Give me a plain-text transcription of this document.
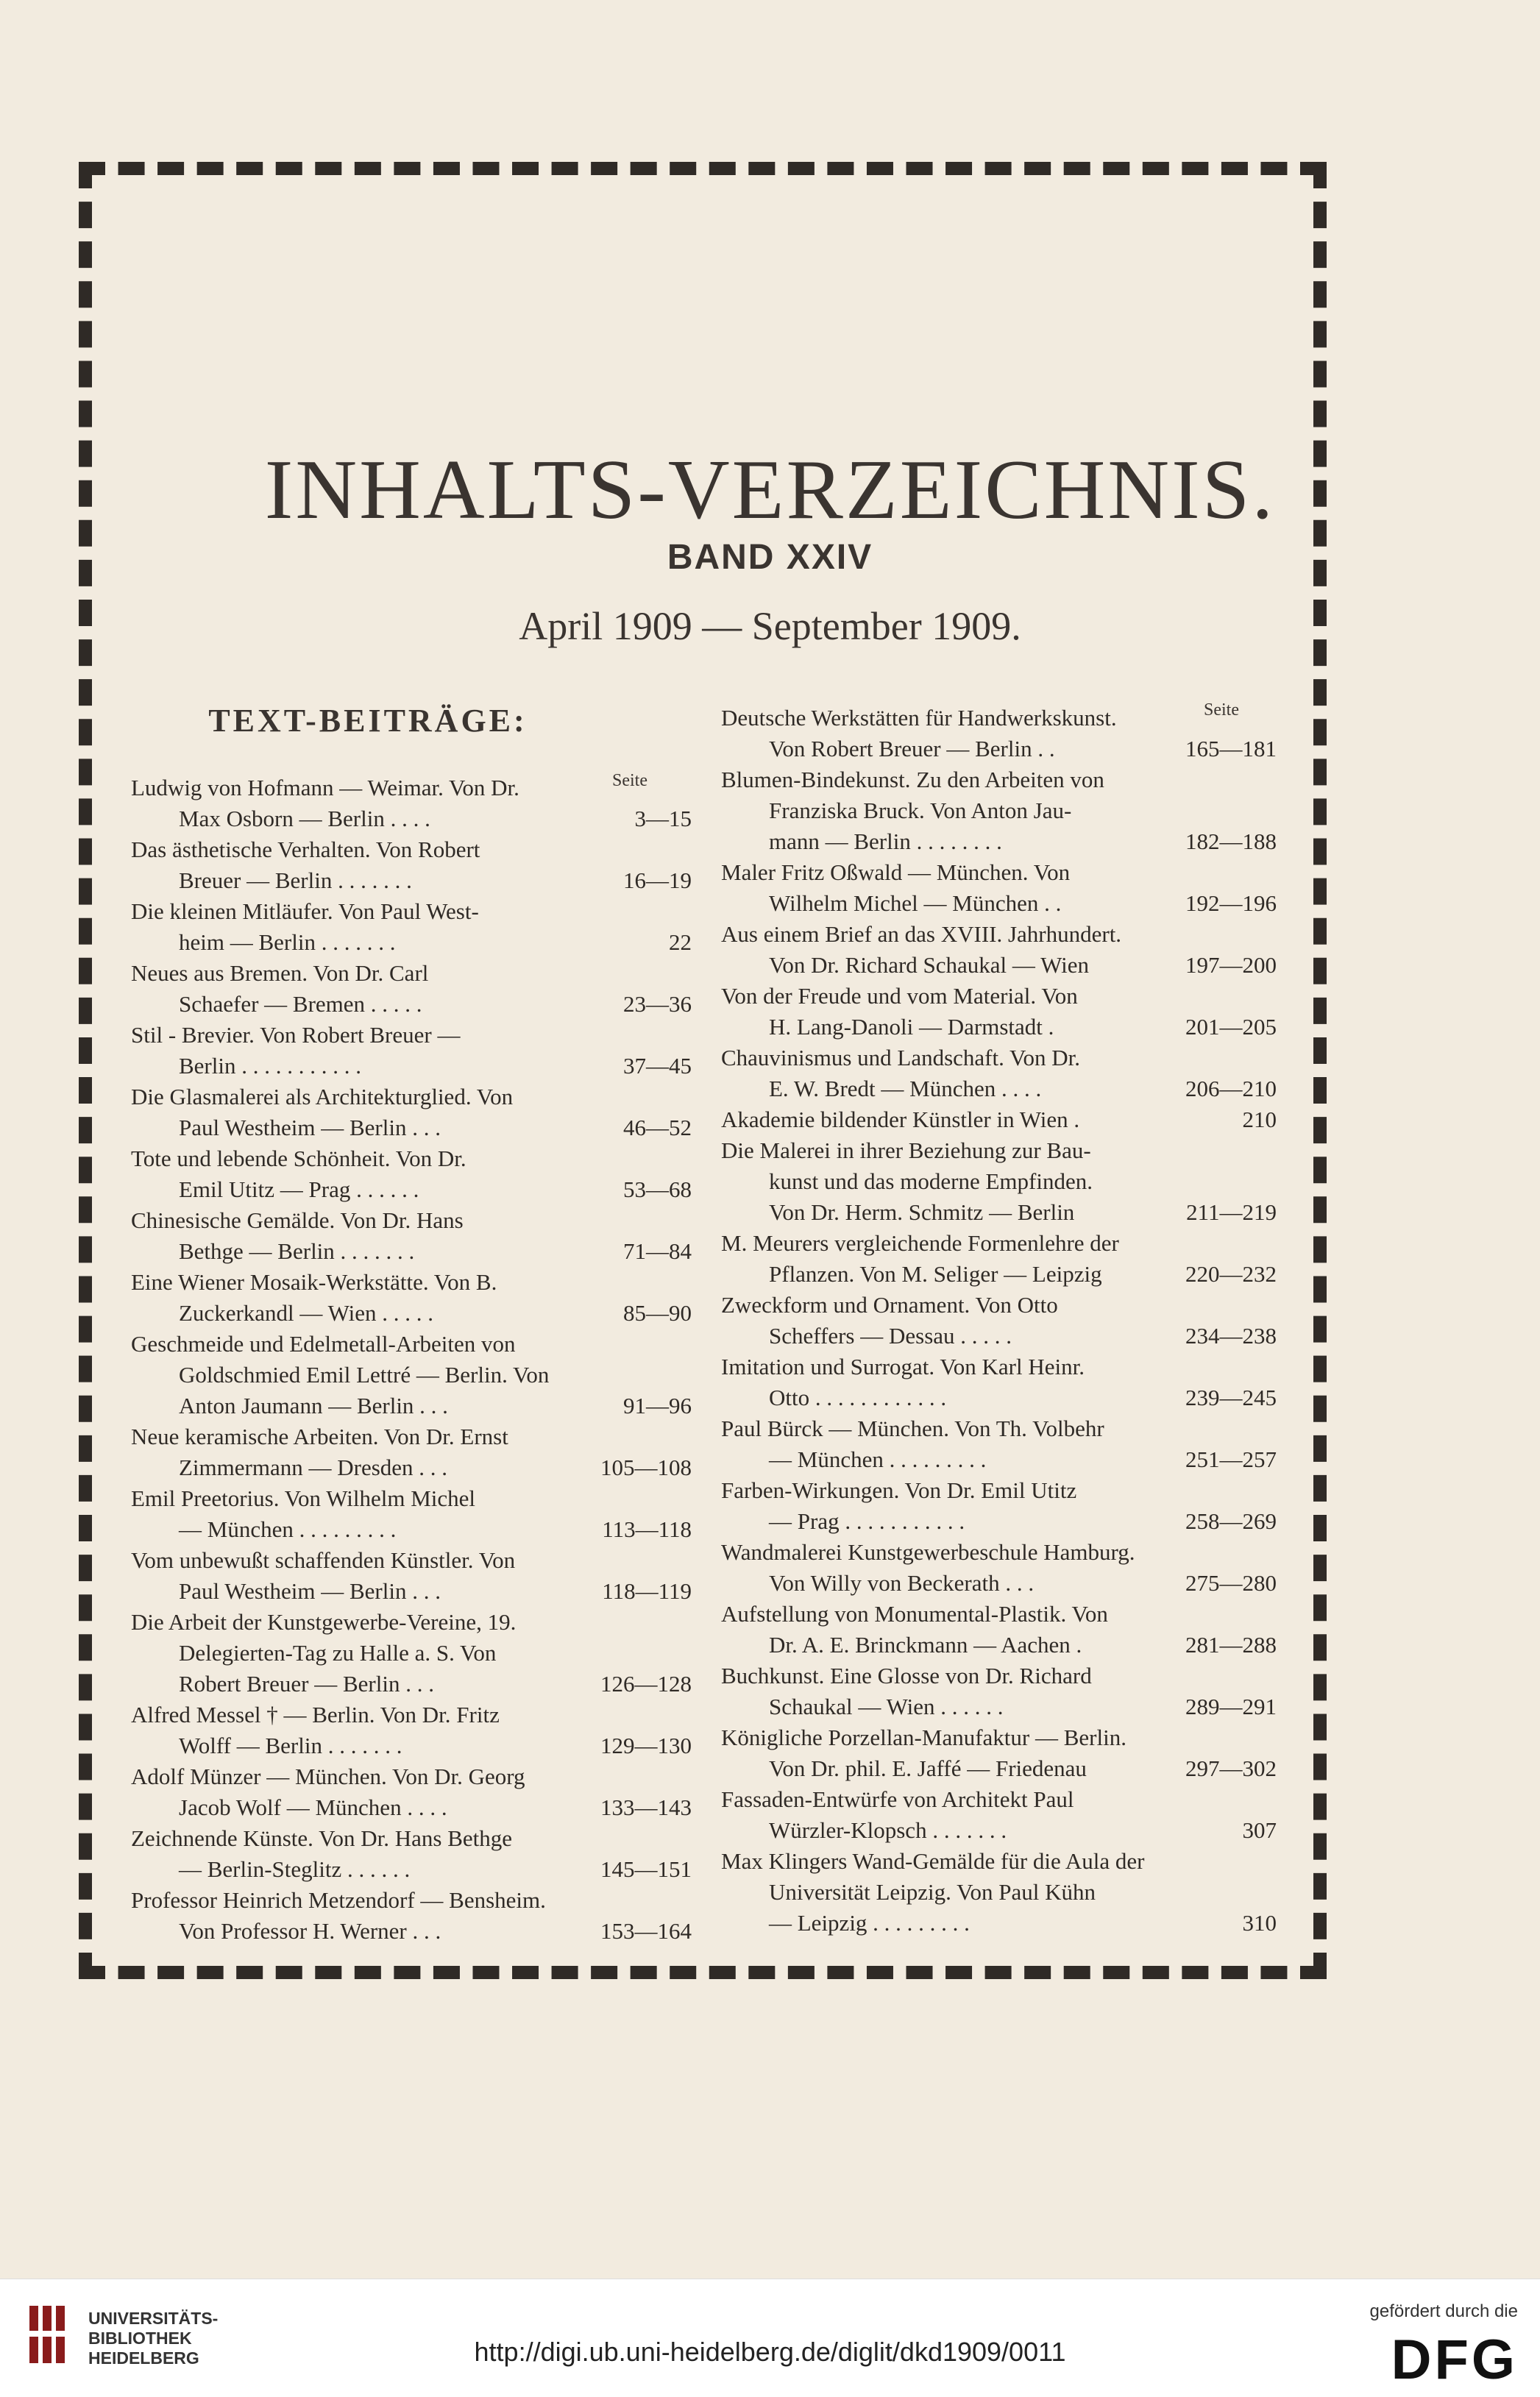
INHALTS-VERZEICHNIS.
BAND XXIV
April 1909 — September 1909.
TEXT-BEITRÄGE:
Seite
Seite
Ludwig von Hofmann — Weimar. Von Dr.
Max Osborn — Berlin . . . .	3—15
Das ästhetische Verhalten. Von Robert
Breuer — Berlin . . . . . . .	16—19
Die kleinen Mitläufer. Von Paul West-
heim — Berlin . . . . . . .	22
Neues aus Bremen. Von Dr. Carl
Schaefer — Bremen . . . . .	23—36
Stil - Brevier. Von Robert Breuer —
Berlin . . . . . . . . . . .	37—45
Die Glasmalerei als Architekturglied. Von
Paul Westheim — Berlin . . .	46—52
Tote und lebende Schönheit. Von Dr.
Emil Utitz — Prag . . . . . .	53—68
Chinesische Gemälde. Von Dr. Hans
Bethge — Berlin . . . . . . .	71—84
Eine Wiener Mosaik-Werkstätte. Von B.
Zuckerkandl — Wien . . . . .	85—90
Geschmeide und Edelmetall-Arbeiten von
Goldschmied Emil Lettré — Berlin. Von
Anton Jaumann — Berlin . . .	91—96
Neue keramische Arbeiten. Von Dr. Ernst
Zimmermann — Dresden . . .	105—108
Emil Preetorius. Von Wilhelm Michel
— München . . . . . . . . .	113—118
Vom unbewußt schaffenden Künstler. Von
Paul Westheim — Berlin . . .	118—119
Die Arbeit der Kunstgewerbe-Vereine, 19.
Delegierten-Tag zu Halle a. S. Von
Robert Breuer — Berlin . . .	126—128
Alfred Messel † — Berlin. Von Dr. Fritz
Wolff — Berlin . . . . . . .	129—130
Adolf Münzer — München. Von Dr. Georg
Jacob Wolf — München . . . .	133—143
Zeichnende Künste. Von Dr. Hans Bethge
— Berlin-Steglitz . . . . . .	145—151
Professor Heinrich Metzendorf — Bensheim.
Von Professor H. Werner . . .	153—164
Deutsche Werkstätten für Handwerkskunst.
Von Robert Breuer — Berlin . .	165—181
Blumen-Bindekunst. Zu den Arbeiten von
Franziska Bruck. Von Anton Jau-
mann — Berlin . . . . . . . .	182—188
Maler Fritz Oßwald — München. Von
Wilhelm Michel — München . .	192—196
Aus einem Brief an das XVIII. Jahrhundert.
Von Dr. Richard Schaukal — Wien	197—200
Von der Freude und vom Material. Von
H. Lang-Danoli — Darmstadt .	201—205
Chauvinismus und Landschaft. Von Dr.
E. W. Bredt — München . . . .	206—210
Akademie bildender Künstler in Wien .	210
Die Malerei in ihrer Beziehung zur Bau-
kunst und das moderne Empfinden.
Von Dr. Herm. Schmitz — Berlin	211—219
M. Meurers vergleichende Formenlehre der
Pflanzen. Von M. Seliger — Leipzig	220—232
Zweckform und Ornament. Von Otto
Scheffers — Dessau . . . . .	234—238
Imitation und Surrogat. Von Karl Heinr.
Otto . . . . . . . . . . . .	239—245
Paul Bürck — München. Von Th. Volbehr
— München . . . . . . . . .	251—257
Farben-Wirkungen. Von Dr. Emil Utitz
— Prag . . . . . . . . . . .	258—269
Wandmalerei Kunstgewerbeschule Hamburg.
Von Willy von Beckerath . . .	275—280
Aufstellung von Monumental-Plastik. Von
Dr. A. E. Brinckmann — Aachen .	281—288
Buchkunst. Eine Glosse von Dr. Richard
Schaukal — Wien . . . . . .	289—291
Königliche Porzellan-Manufaktur — Berlin.
Von Dr. phil. E. Jaffé — Friedenau	297—302
Fassaden-Entwürfe von Architekt Paul
Würzler-Klopsch . . . . . . .	307
Max Klingers Wand-Gemälde für die Aula der
Universität Leipzig. Von Paul Kühn
— Leipzig . . . . . . . . .	310
UNIVERSITÄTS-
BIBLIOTHEK
HEIDELBERG	http://digi.ub.uni-heidelberg.de/diglit/dkd1909/0011
gefördert durch die
DFG
